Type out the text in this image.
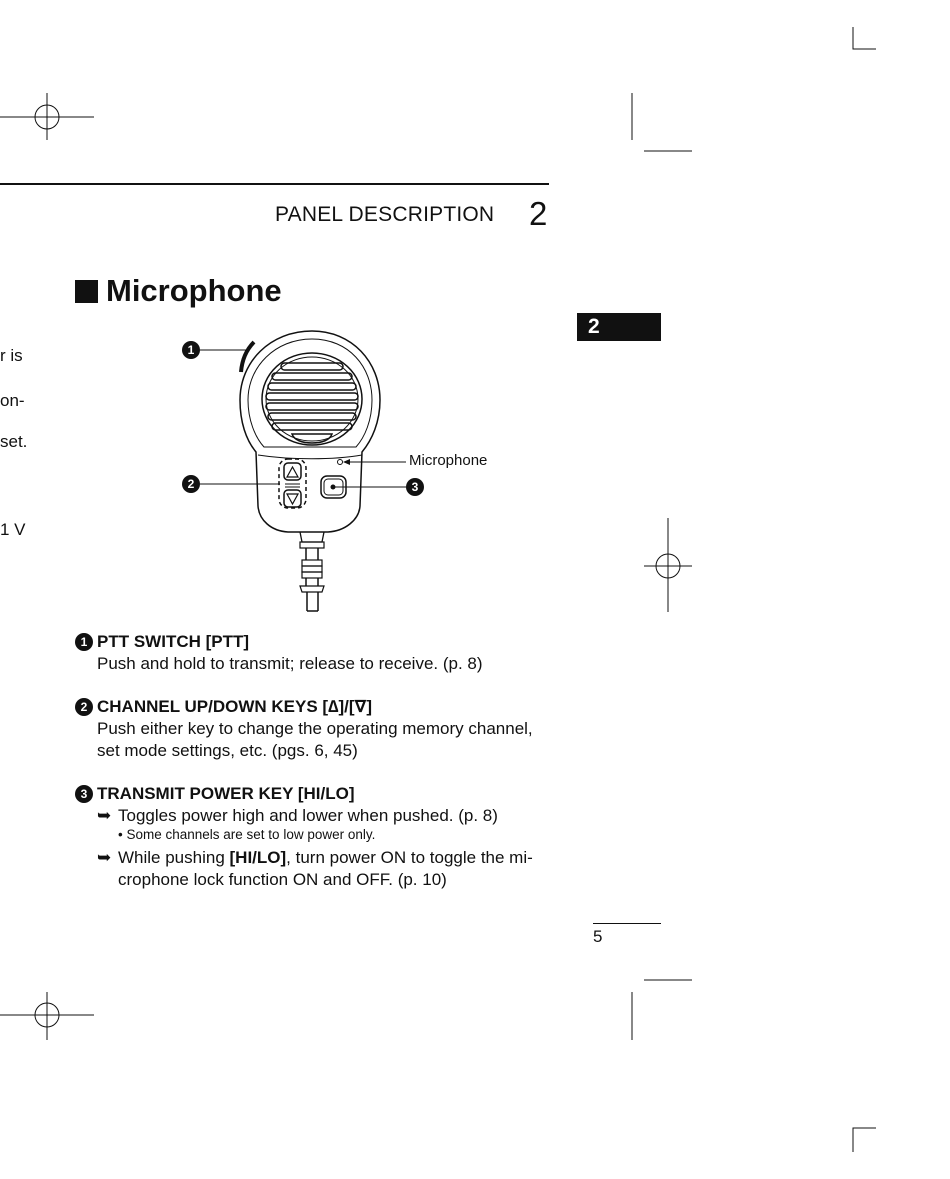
PANEL DESCRIPTION 2
Microphone
2
r is
on-
set.
1 V
1
2	3
Microphone
1 PTT SWITCH [PTT]
Push and hold to transmit; release to receive. (p. 8)
2 CHANNEL UP/DOWN KEYS [∆]/[∇]
Push either key to change the operating memory channel,
set mode settings, etc. (pgs. 6, 45)
3 TRANSMIT POWER KEY [HI/LO]
➥ Toggles power high and lower when pushed. (p. 8)
• Some channels are set to low power only.
➥ While pushing [HI/LO], turn power ON to toggle the mi-
crophone lock function ON and OFF. (p. 10)
5
